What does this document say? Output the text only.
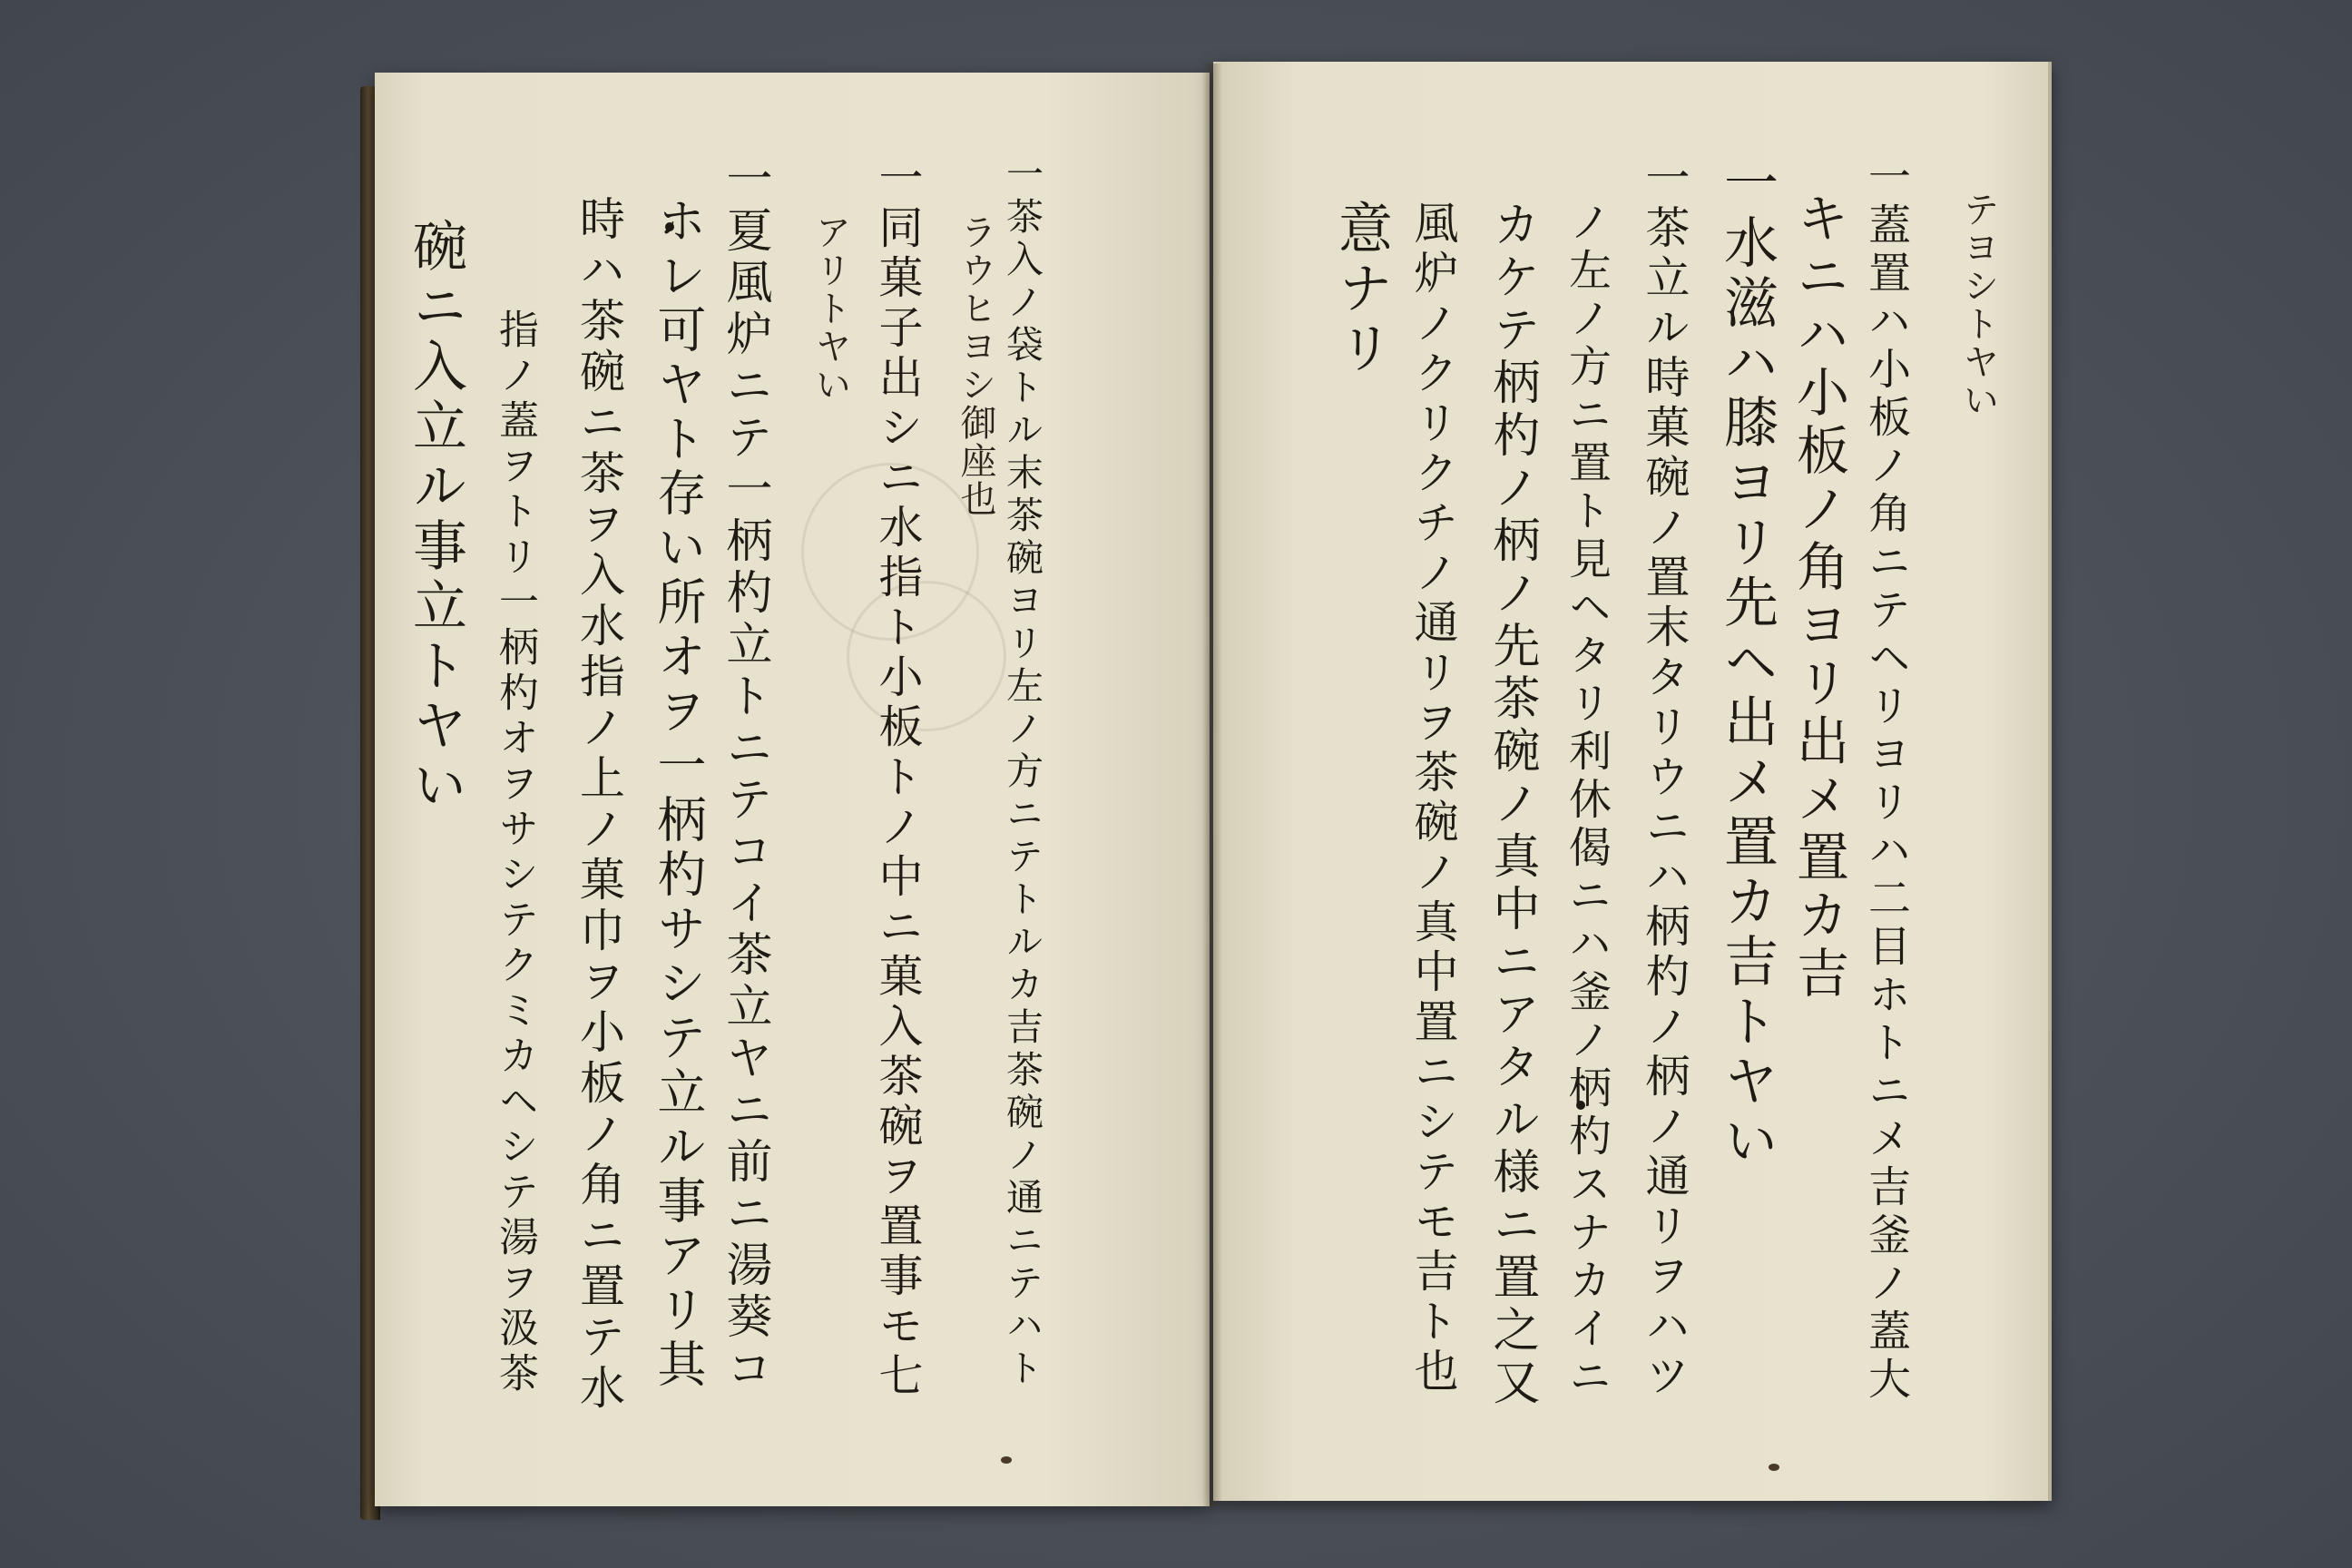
一茶入ノ袋トル末茶碗ヨリ左ノ方ニテトルカ吉茶碗ノ通ニテハト
ラウヒヨシ御座也
一同菓子出シニ水指ト小板トノ中ニ菓入茶碗ヲ置事モ七
アリトヤい
一夏風炉ニテ一柄杓立トニテコイ茶立ヤニ前ニ湯葵コ
ホレ可ヤト存い所オヲ一柄杓サシテ立ル事アリ其
時ハ茶碗ニ茶ヲ入水指ノ上ノ菓巾ヲ小板ノ角ニ置テ水
指ノ蓋ヲトリ一柄杓オヲサシテクミカヘシテ湯ヲ汲茶
碗ニ入立ル事立トヤい	テヨシトヤい
一蓋置ハ小板ノ角ニテヘリヨリハ二目ホトニメ吉釜ノ蓋大
キニハ小板ノ角ヨリ出メ置カ吉
一水滋ハ膝ヨリ先ヘ出メ置カ吉トヤい
一茶立ル時菓碗ノ置末タリウニハ柄杓ノ柄ノ通リヲハツ
ノ左ノ方ニ置ト見ヘタリ利休偈ニハ釜ノ柄杓スナカイニ
カケテ柄杓ノ柄ノ先茶碗ノ真中ニアタル様ニ置之又
風炉ノクリクチノ通リヲ茶碗ノ真中置ニシテモ吉ト也
意ナリ
